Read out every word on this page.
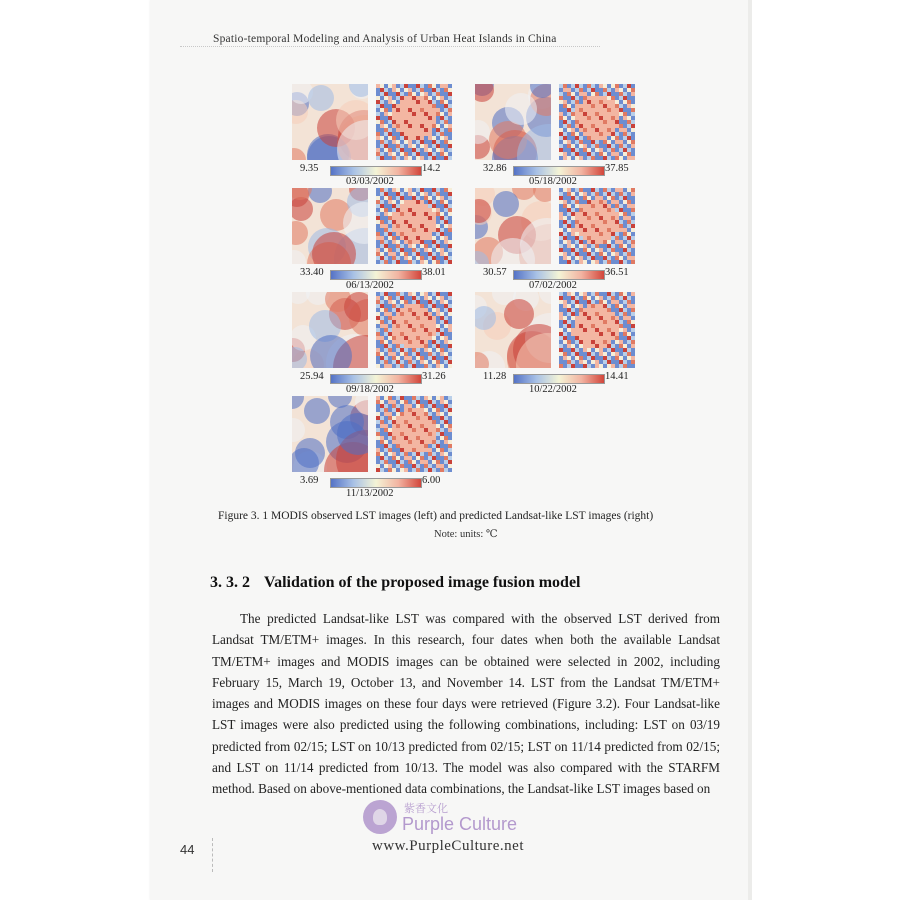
Spatio-temporal Modeling and Analysis of Urban Heat Islands in China
9.35	14.2
03/03/2002
32.86	37.85
05/18/2002
33.40	38.01
06/13/2002
30.57	36.51
07/02/2002
25.94	31.26
09/18/2002
11.28	14.41
10/22/2002
3.69	6.00
11/13/2002
Figure 3. 1 MODIS observed LST images (left) and predicted Landsat-like LST images (right)
Note: units: ℃
3. 3. 2 Validation of the proposed image fusion model

The predicted Landsat-like LST was compared with the observed LST derived from Landsat TM/ETM+ images. In this research, four dates when both the available Landsat TM/ETM+ images and MODIS images can be obtained were selected in 2002, including February 15, March 19, October 13, and November 14. LST from the Landsat TM/ETM+ images and MODIS images on these four days were retrieved (Figure 3.2). Four Landsat-like LST images were also predicted using the following combinations, including: LST on 03/19 predicted from 02/15; LST on 10/13 predicted from 02/15; LST on 11/14 predicted from 02/15; and LST on 11/14 predicted from 10/13. The model was also compared with the STARFM method. Based on above-mentioned data combinations, the Landsat-like LST images based on

44
紫香文化
Purple Culture
www.PurpleCulture.net
